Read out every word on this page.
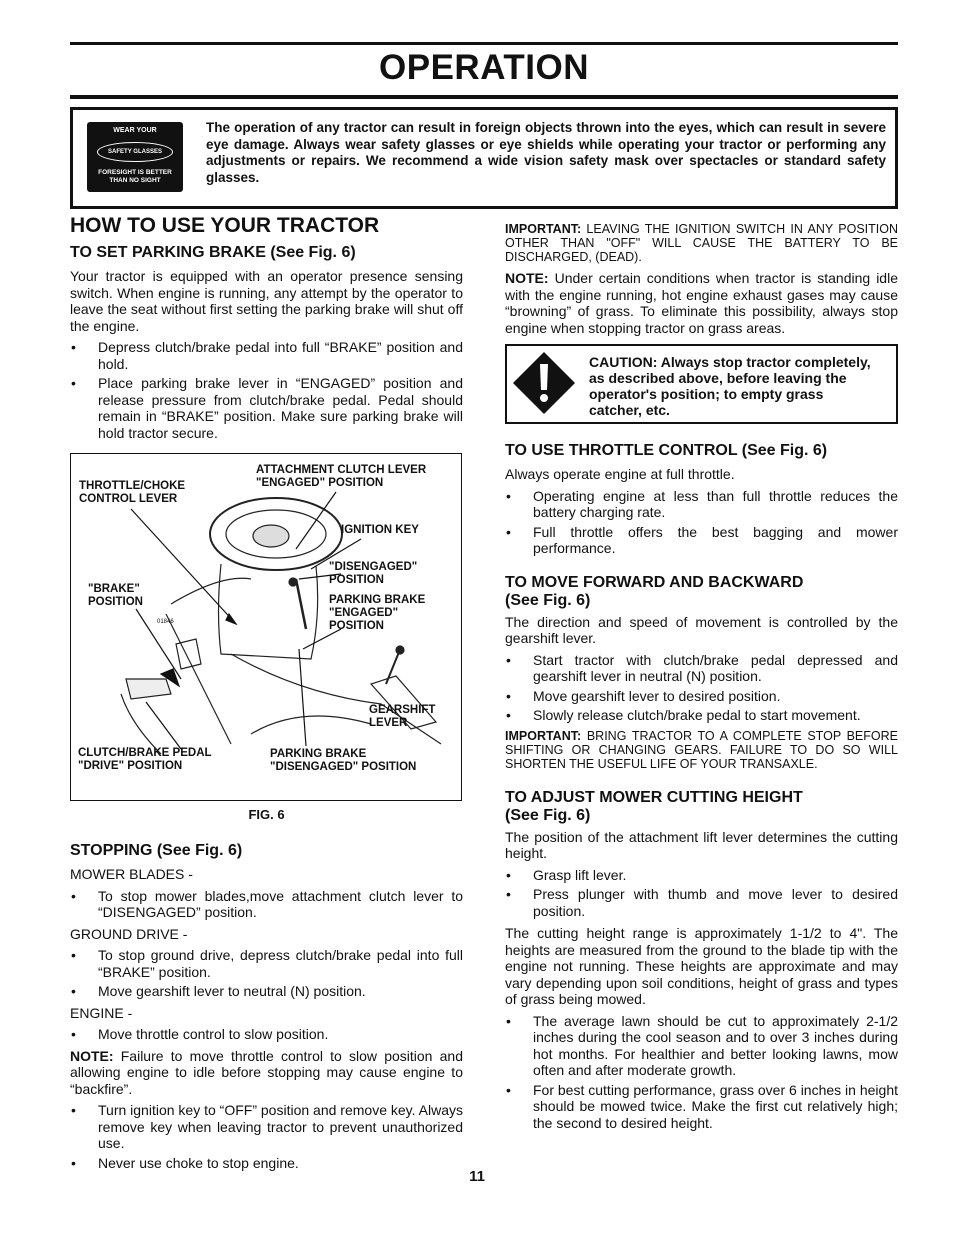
OPERATION
WEAR YOUR
SAFETY GLASSES
FORESIGHT IS BETTER
THAN NO SIGHT
The operation of any tractor can result in foreign objects thrown into the eyes, which can result in severe eye damage. Always wear safety glasses or eye shields while operating your tractor or performing any adjustments or repairs. We recommend a wide vision safety mask over spectacles or standard safety glasses.
HOW TO USE YOUR TRACTOR
TO SET PARKING BRAKE (See Fig. 6)
Your tractor is equipped with an operator presence sensing switch. When engine is running, any attempt by the operator to leave the seat without first setting the parking brake will shut off the engine.
• Depress clutch/brake pedal into full “BRAKE” position and hold.
• Place parking brake lever in “ENGAGED” position and release pressure from clutch/brake pedal. Pedal should remain in “BRAKE” position. Make sure parking brake will hold tractor secure.
THROTTLE/CHOKE
CONTROL LEVER
ATTACHMENT CLUTCH LEVER
"ENGAGED" POSITION
IGNITION KEY
"DISENGAGED"
POSITION
"BRAKE"
POSITION	PARKING BRAKE
"ENGAGED"
POSITION
GEARSHIFT
LEVER
CLUTCH/BRAKE PEDAL
"DRIVE" POSITION
PARKING BRAKE
"DISENGAGED" POSITION
01846
FIG. 6
STOPPING (See Fig. 6)
MOWER BLADES -
• To stop mower blades,move attachment clutch lever to “DISENGAGED” position.
GROUND DRIVE -
• To stop ground drive, depress clutch/brake pedal into full “BRAKE” position.
• Move gearshift lever to neutral (N) position.
ENGINE -
• Move throttle control to slow position.
NOTE: Failure to move throttle control to slow position and allowing engine to idle before stopping may cause engine to “backfire”.
• Turn ignition key to “OFF” position and remove key. Always remove key when leaving tractor to prevent unauthorized use.
• Never use choke to stop engine.
IMPORTANT: LEAVING THE IGNITION SWITCH IN ANY POSITION OTHER THAN "OFF" WILL CAUSE THE BATTERY TO BE DISCHARGED, (DEAD).
NOTE: Under certain conditions when tractor is standing idle with the engine running, hot engine exhaust gases may cause “browning” of grass. To eliminate this possibility, always stop engine when stopping tractor on grass areas.
CAUTION: Always stop tractor completely, as described above, before leaving the operator's position; to empty grass catcher, etc.
TO USE THROTTLE CONTROL (See Fig. 6)
Always operate engine at full throttle.
• Operating engine at less than full throttle reduces the battery charging rate.
• Full throttle offers the best bagging and mower performance.
TO MOVE FORWARD AND BACKWARD
(See Fig. 6)
The direction and speed of movement is controlled by the gearshift lever.
• Start tractor with clutch/brake pedal depressed and gearshift lever in neutral (N) position.
• Move gearshift lever to desired position.
• Slowly release clutch/brake pedal to start movement.
IMPORTANT: BRING TRACTOR TO A COMPLETE STOP BEFORE SHIFTING OR CHANGING GEARS. FAILURE TO DO SO WILL SHORTEN THE USEFUL LIFE OF YOUR TRANSAXLE.
TO ADJUST MOWER CUTTING HEIGHT
(See Fig. 6)
The position of the attachment lift lever determines the cutting height.
• Grasp lift lever.
• Press plunger with thumb and move lever to desired position.
The cutting height range is approximately 1-1/2 to 4". The heights are measured from the ground to the blade tip with the engine not running. These heights are approximate and may vary depending upon soil conditions, height of grass and types of grass being mowed.
• The average lawn should be cut to approximately 2-1/2 inches during the cool season and to over 3 inches during hot months. For healthier and better looking lawns, mow often and after moderate growth.
• For best cutting performance, grass over 6 inches in height should be mowed twice. Make the first cut relatively high; the second to desired height.
11
